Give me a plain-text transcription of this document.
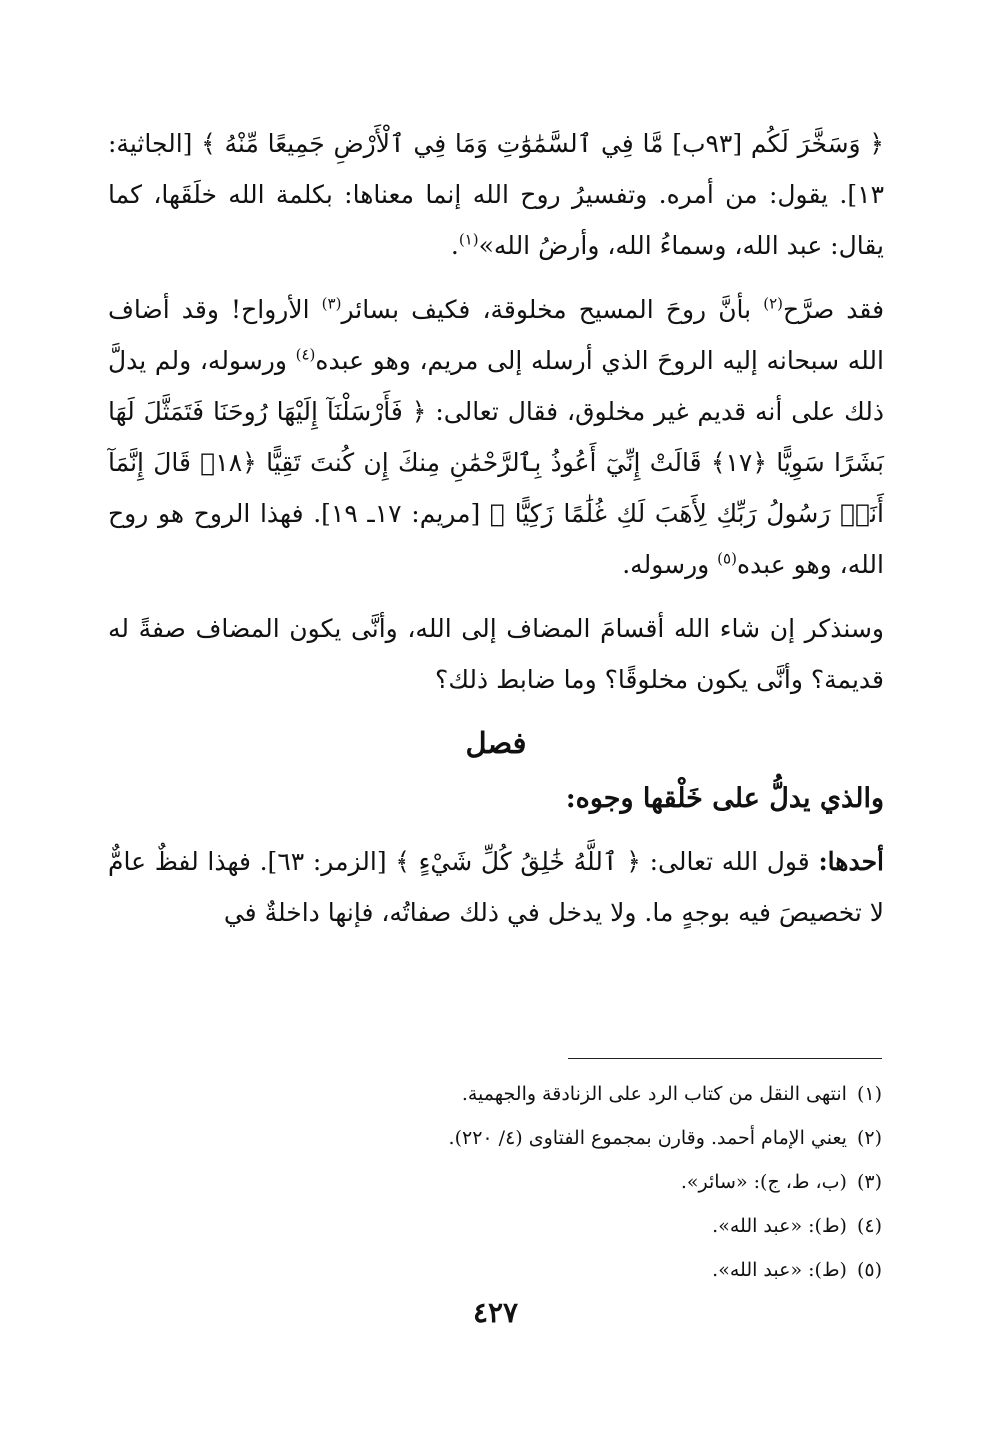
﴿ وَسَخَّرَ لَكُم [٩٣ب] مَّا فِي ٱلسَّمَٰوَٰتِ وَمَا فِي ٱلْأَرْضِ جَمِيعًا مِّنْهُ ﴾ [الجاثية: ١٣]. يقول: من أمره. وتفسيرُ روح الله إنما معناها: بكلمة الله خلَقَها، كما يقال: عبد الله، وسماءُ الله، وأرضُ الله»$^{(١)}$.

فقد صرَّح$^{(٢)}$ بأنَّ روحَ المسيح مخلوقة، فكيف بسائر$^{(٣)}$ الأرواح! وقد أضاف الله سبحانه إليه الروحَ الذي أرسله إلى مريم، وهو عبده$^{(٤)}$ ورسوله، ولم يدلَّ ذلك على أنه قديم غير مخلوق، فقال تعالى: ﴿ فَأَرْسَلْنَآ إِلَيْهَا رُوحَنَا فَتَمَثَّلَ لَهَا بَشَرًا سَوِيًّا ﴿١٧﴾ قَالَتْ إِنِّيٓ أَعُوذُ بِٱلرَّحْمَٰنِ مِنكَ إِن كُنتَ تَقِيًّا ﴿١٨﴾ قَالَ إِنَّمَآ أَنَا۠ رَسُولُ رَبِّكِ لِأَهَبَ لَكِ غُلَٰمًا زَكِيًّا ﴾ [مريم: ١٧ـ ١٩]. فهذا الروح هو روح الله، وهو عبده$^{(٥)}$ ورسوله.

وسنذكر إن شاء الله أقسامَ المضاف إلى الله، وأنَّى يكون المضاف صفةً له قديمة؟ وأنَّى يكون مخلوقًا؟ وما ضابط ذلك؟

فصل
والذي يدلُّ على خَلْقها وجوه:

أحدها: قول الله تعالى: ﴿ ٱللَّهُ خَٰلِقُ كُلِّ شَيْءٍ ﴾ [الزمر: ٦٣]. فهذا لفظٌ عامٌّ لا تخصيصَ فيه بوجهٍ ما. ولا يدخل في ذلك صفاتُه، فإنها داخلةٌ في

(١)
انتهى النقل من كتاب الرد على الزنادقة والجهمية.
(٢)
يعني الإمام أحمد. وقارن بمجموع الفتاوى (٤/ ٢٢٠).
(٣)
(ب، ط، ج): «سائر».
(٤)
(ط): «عبد الله».
(٥)
(ط): «عبد الله».
٤٢٧
